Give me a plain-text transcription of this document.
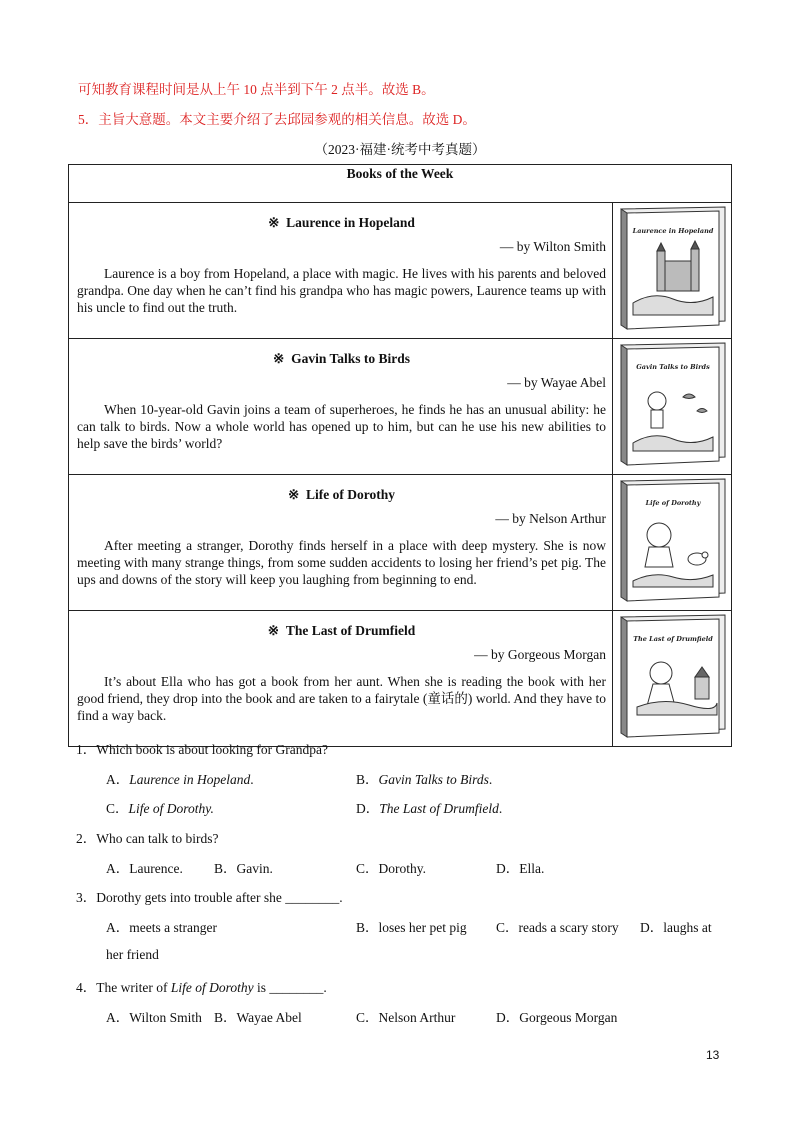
可知教育课程时间是从上午 10 点半到下午 2 点半。故选 B。
5．主旨大意题。本文主要介绍了去邱园参观的相关信息。故选 D。
（2023·福建·统考中考真题）
Books of the Week	

※ Laurence in Hopeland
— by Wilton Smith
Laurence is a boy from Hopeland, a place with magic. He lives with his parents and beloved grandpa. One day when he can’t find his grandpa who has magic powers, Laurence teams up with his uncle to find out the truth.	Laurence in Hopeland

※ Gavin Talks to Birds
— by Wayae Abel
When 10-year-old Gavin joins a team of superheroes, he finds he has an unusual ability: he can talk to birds. Now a whole world has opened up to him, but can he use his new abilities to help save the birds’ world?	Gavin Talks to Birds

※ Life of Dorothy
— by Nelson Arthur
After meeting a stranger, Dorothy finds herself in a place with deep mystery. She is now meeting with many strange things, from some sudden accidents to losing her friend’s pet pig. The ups and downs of the story will keep you laughing from beginning to end.	Life of Dorothy

※ The Last of Drumfield
— by Gorgeous Morgan
It’s about Ella who has got a book from her aunt. When she is reading the book with her good friend, they drop into the book and are taken to a fairytale (童话的) world. And they have to find a way back.	The Last of Drumfield
1．Which book is about looking for Grandpa?
A．Laurence in Hopeland.	B．Gavin Talks to Birds.
C．Life of Dorothy.	D．The Last of Drumfield.
2．Who can talk to birds?
A．Laurence. B．Gavin.	C．Dorothy.	D．Ella.
3．Dorothy gets into trouble after she ________.
A．meets a stranger	B．loses her pet pig C．reads a scary story D．laughs at
her friend
4．The writer of Life of Dorothy is ________.
A．Wilton Smith B．Wayae Abel	C．Nelson Arthur	D．Gorgeous Morgan
13
